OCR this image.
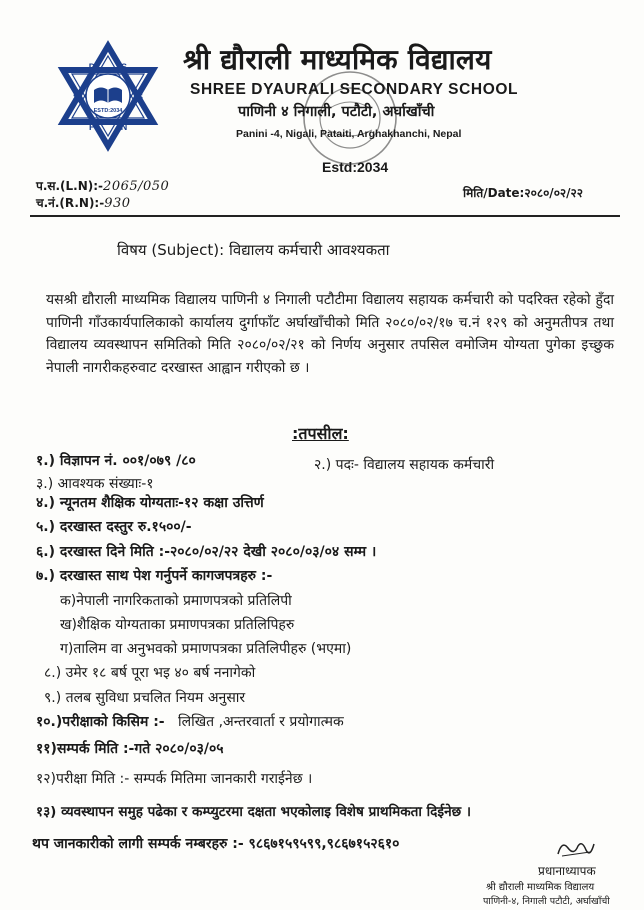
ESTD:2034
D	S
S	S
P	N
श्री द्यौराली माध्यमिक विद्यालय
SHREE DYAURALI SECONDARY SCHOOL
पाणिनी ४ निगाली, पटौटी, अर्घाखाँची
Panini -4, Nigali, Pataiti, Arghakhanchi, Nepal
Estd:2034
प.स.(L.N):-2065/050
च.नं.(R.N):-930
मिति/Date:२०८०/०२/२२
विषय (Subject): विद्यालय कर्मचारी आवश्यकता
यसश्री द्यौराली माध्यमिक विद्यालय पाणिनी ४ निगाली पटौटीमा विद्यालय सहायक कर्मचारी को पदरिक्त रहेको हुँदा पाणिनी गाँउकार्यपालिकाको कार्यालय दुर्गाफाँट अर्घाखाँचीको मिति २०८०/०२/१७ च.नं १२९ को अनुमतीपत्र तथा विद्यालय व्यवस्थापन समितिको मिति २०८०/०२/२१ को निर्णय अनुसार तपसिल वमोजिम योग्यता पुगेका इच्छुक नेपाली नागरीकहरुवाट दरखास्त आह्वान गरीएको छ ।
:तपसील:
१.) विज्ञापन नं. ००१/०७९ /८०	२.) पदः- विद्यालय सहायक कर्मचारी
३.) आवश्यक संख्याः-१
४.) न्यूनतम शैक्षिक योग्यताः-१२ कक्षा उत्तिर्ण
५.) दरखास्त दस्तुर रु.१५००/-
६.) दरखास्त दिने मिति :-२०८०/०२/२२ देखी २०८०/०३/०४ सम्म ।
७.) दरखास्त साथ पेश गर्नुपर्ने कागजपत्रहरु :-
क)नेपाली नागरिकताको प्रमाणपत्रको प्रतिलिपी
ख)शैक्षिक योग्यताका प्रमाणपत्रका प्रतिलिपिहरु
ग)तालिम वा अनुभवको प्रमाणपत्रका प्रतिलिपीहरु (भएमा)
८.) उमेर १८ बर्ष पूरा भइ ४० बर्ष ननागेको
९.) तलब सुविधा प्रचलित नियम अनुसार
१०.)परीक्षाको किसिम :- लिखित ,अन्तरवार्ता र प्रयोगात्मक
११)सम्पर्क मिति :-गते २०८०/०३/०५
१२)परीक्षा मिति :- सम्पर्क मितिमा जानकारी गराईनेछ ।
१३) व्यवस्थापन समुह पढेका र कम्प्युटरमा दक्षता भएकोलाइ विशेष प्राथमिकता दिईनेछ ।
थप जानकारीको लागी सम्पर्क नम्बरहरु :- ९८६७१५९५९९,९८६७१५२६१०
प्रधानाध्यापक
श्री द्यौराली माध्यमिक विद्यालय
पाणिनी-४, निगाली पटौटी, अर्घाखाँची
